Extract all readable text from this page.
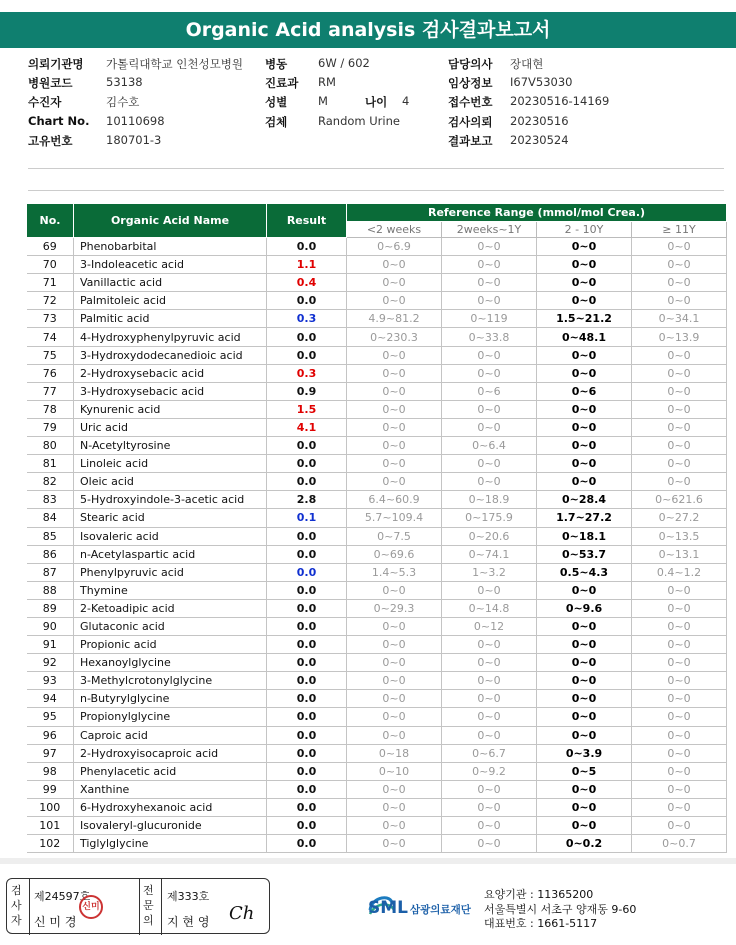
Organic Acid analysis 검사결과보고서
의뢰기관명 가톨릭대학교 인천성모병원 병동	6W / 602	담당의사 장대현
병원코드	53138	진료과 RM	임상정보 I67V53030
수진자	김수호	성별	M	접수번호 20230516-14169
나이 4
Chart No. 10110698	검체	Random Urine	검사의뢰 20230516
고유번호	180701-3	결과보고 20230524
No.	Organic Acid Name	Result	Reference Range (mmol/mol Crea.)			
			<2 weeks	2weeks~1Y	2 - 10Y	≥ 11Y
69	Phenobarbital	0.0	0~6.9	0~0	0~0	0~0
70	3-Indoleacetic acid	1.1	0~0	0~0	0~0	0~0
71	Vanillactic acid	0.4	0~0	0~0	0~0	0~0
72	Palmitoleic acid	0.0	0~0	0~0	0~0	0~0
73	Palmitic acid	0.3	4.9~81.2	0~119	1.5~21.2	0~34.1
74	4-Hydroxyphenylpyruvic acid	0.0	0~230.3	0~33.8	0~48.1	0~13.9
75	3-Hydroxydodecanedioic acid	0.0	0~0	0~0	0~0	0~0
76	2-Hydroxysebacic acid	0.3	0~0	0~0	0~0	0~0
77	3-Hydroxysebacic acid	0.9	0~0	0~6	0~6	0~0
78	Kynurenic acid	1.5	0~0	0~0	0~0	0~0
79	Uric acid	4.1	0~0	0~0	0~0	0~0
80	N-Acetyltyrosine	0.0	0~0	0~6.4	0~0	0~0
81	Linoleic acid	0.0	0~0	0~0	0~0	0~0
82	Oleic acid	0.0	0~0	0~0	0~0	0~0
83	5-Hydroxyindole-3-acetic acid	2.8	6.4~60.9	0~18.9	0~28.4	0~621.6
84	Stearic acid	0.1	5.7~109.4	0~175.9	1.7~27.2	0~27.2
85	Isovaleric acid	0.0	0~7.5	0~20.6	0~18.1	0~13.5
86	n-Acetylaspartic acid	0.0	0~69.6	0~74.1	0~53.7	0~13.1
87	Phenylpyruvic acid	0.0	1.4~5.3	1~3.2	0.5~4.3	0.4~1.2
88	Thymine	0.0	0~0	0~0	0~0	0~0
89	2-Ketoadipic acid	0.0	0~29.3	0~14.8	0~9.6	0~0
90	Glutaconic acid	0.0	0~0	0~12	0~0	0~0
91	Propionic acid	0.0	0~0	0~0	0~0	0~0
92	Hexanoylglycine	0.0	0~0	0~0	0~0	0~0
93	3-Methylcrotonylglycine	0.0	0~0	0~0	0~0	0~0
94	n-Butyrylglycine	0.0	0~0	0~0	0~0	0~0
95	Propionylglycine	0.0	0~0	0~0	0~0	0~0
96	Caproic acid	0.0	0~0	0~0	0~0	0~0
97	2-Hydroxyisocaproic acid	0.0	0~18	0~6.7	0~3.9	0~0
98	Phenylacetic acid	0.0	0~10	0~9.2	0~5	0~0
99	Xanthine	0.0	0~0	0~0	0~0	0~0
100	6-Hydroxyhexanoic acid	0.0	0~0	0~0	0~0	0~0
101	Isovaleryl-glucuronide	0.0	0~0	0~0	0~0	0~0
102	Tiglylglycine	0.0	0~0	0~0	0~0.2	0~0.7
검사자
제24597호
신 미 경
신미
전문의
제333호
지 현 영 Ch	SML 삼광의료재단
요양기관 : 11365200
서울특별시 서초구 양재동 9-60
대표번호 : 1661-5117
